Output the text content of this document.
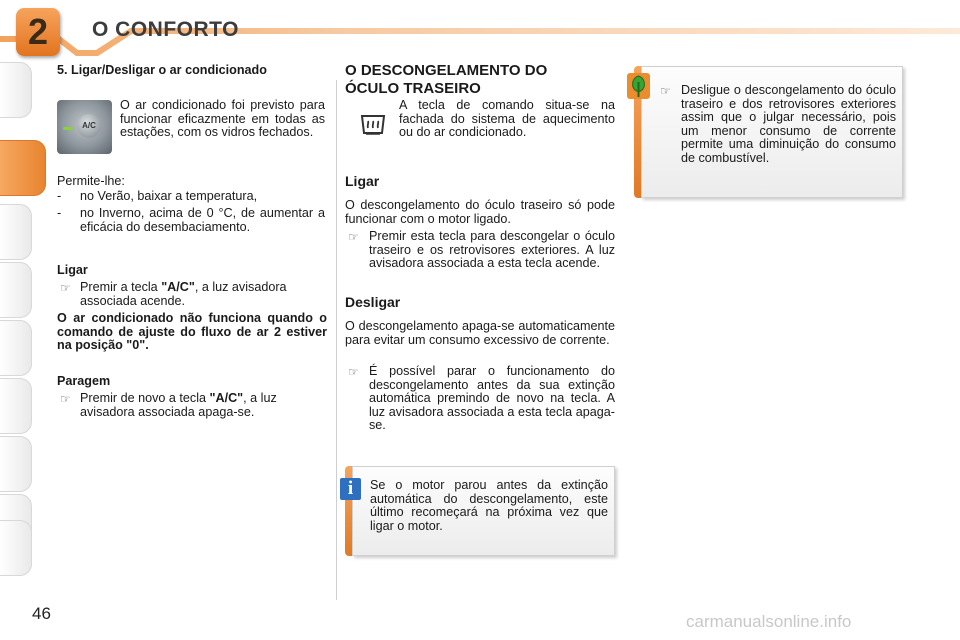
2	O CONFORTO
5. Ligar/Desligar o ar condicionado
A/C
O ar condicionado foi previsto para funcionar eficazmente em todas as estações, com os vidros fechados.
Permite-lhe:
- no Verão, baixar a temperatura,
- no Inverno, acima de 0 °C, de aumentar a eficácia do desembaciamento.
Ligar
☞ Premir a tecla "A/C", a luz avisadora associada acende.
O ar condicionado não funciona quando o comando de ajuste do fluxo de ar 2 estiver na posição "0".
Paragem
☞ Premir de novo a tecla "A/C", a luz avisadora associada apaga-se.
O DESCONGELAMENTO DO
ÓCULO TRASEIRO
A tecla de comando situa-se na fachada do sistema de aquecimento ou do ar condicionado.
Ligar
O descongelamento do óculo traseiro só pode funcionar com o motor ligado.
☞ Premir esta tecla para descongelar o óculo traseiro e os retrovisores exteriores. A luz avisadora associada a esta tecla acende.
Desligar
O descongelamento apaga-se automaticamente para evitar um consumo excessivo de corrente.
☞ É possível parar o funcionamento do descongelamento antes da sua extinção automática premindo de novo na tecla. A luz avisadora associada a esta tecla apaga-se.
i	Se o motor parou antes da extinção automática do descongelamento, este último recomeçará na próxima vez que ligar o motor.
☞ Desligue o descongelamento do óculo traseiro e dos retrovisores exteriores assim que o julgar necessário, pois um menor consumo de corrente permite uma diminuição do consumo de combustível.
46	carmanualsonline.info
